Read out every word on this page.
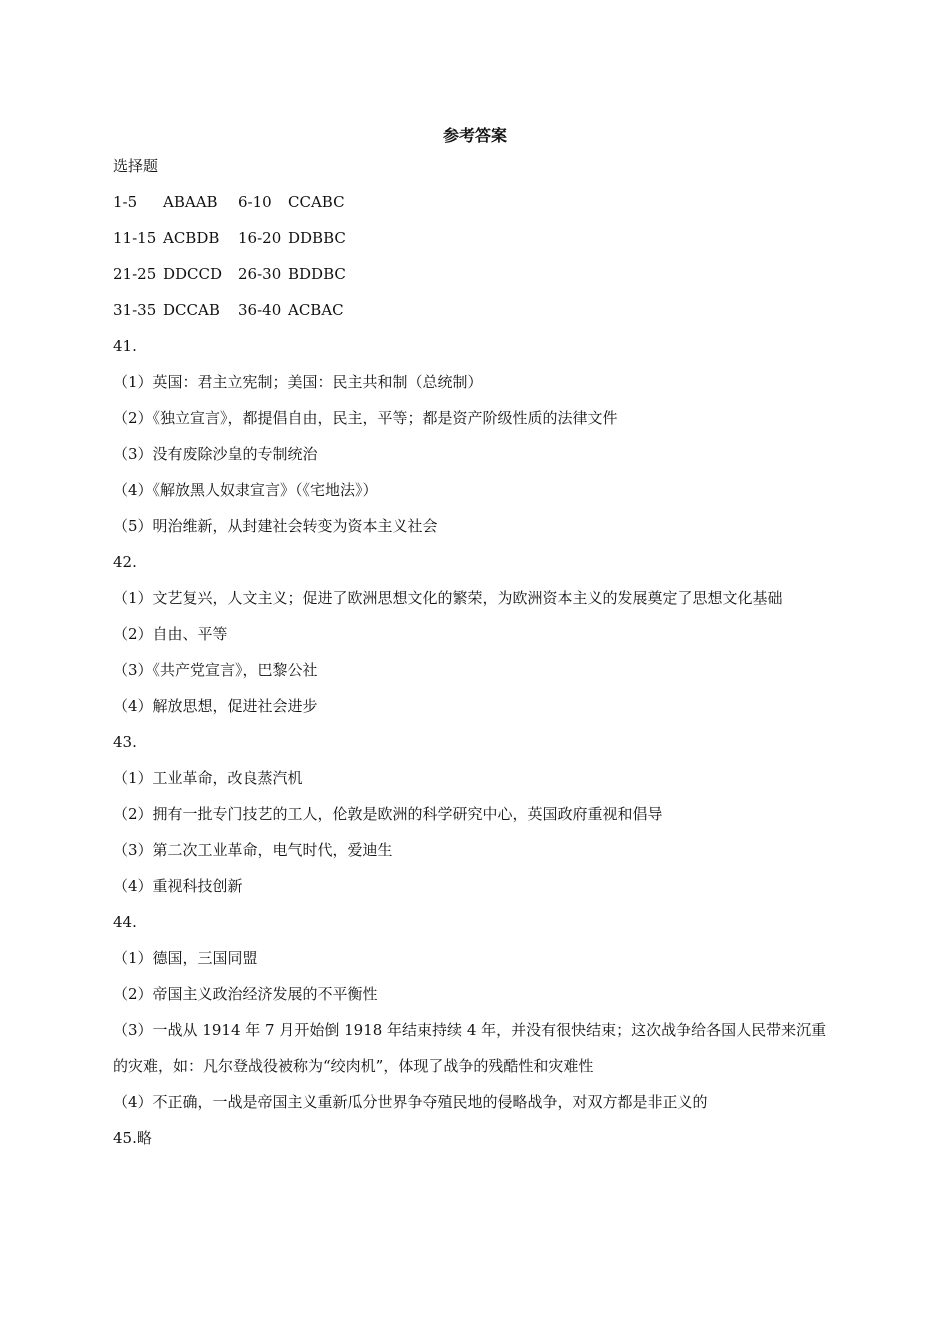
参考答案
选择题
1-5 ABAAB	6-10 CCABC
11-15 ACBDB	16-20 DDBBC
21-25 DDCCD	26-30 BDDBC
31-35 DCCAB	36-40 ACBAC
41.
（1）英国：君主立宪制；美国：民主共和制（总统制）
（2）《独立宣言》，都提倡自由，民主，平等；都是资产阶级性质的法律文件
（3）没有废除沙皇的专制统治
（4）《解放黑人奴隶宣言》（《宅地法》）
（5）明治维新，从封建社会转变为资本主义社会
42.
（1）文艺复兴，人文主义；促进了欧洲思想文化的繁荣，为欧洲资本主义的发展奠定了思想文化基础
（2）自由、平等
（3）《共产党宣言》，巴黎公社
（4）解放思想，促进社会进步
43.
（1）工业革命，改良蒸汽机
（2）拥有一批专门技艺的工人，伦敦是欧洲的科学研究中心，英国政府重视和倡导
（3）第二次工业革命，电气时代，爱迪生
（4）重视科技创新
44.
（1）德国，三国同盟
（2）帝国主义政治经济发展的不平衡性
（3）一战从 1914 年 7 月开始倒 1918 年结束持续 4 年，并没有很快结束；这次战争给各国人民带来沉重的灾难，如：凡尔登战役被称为“绞肉机”，体现了战争的残酷性和灾难性
（4）不正确，一战是帝国主义重新瓜分世界争夺殖民地的侵略战争，对双方都是非正义的
45.略
